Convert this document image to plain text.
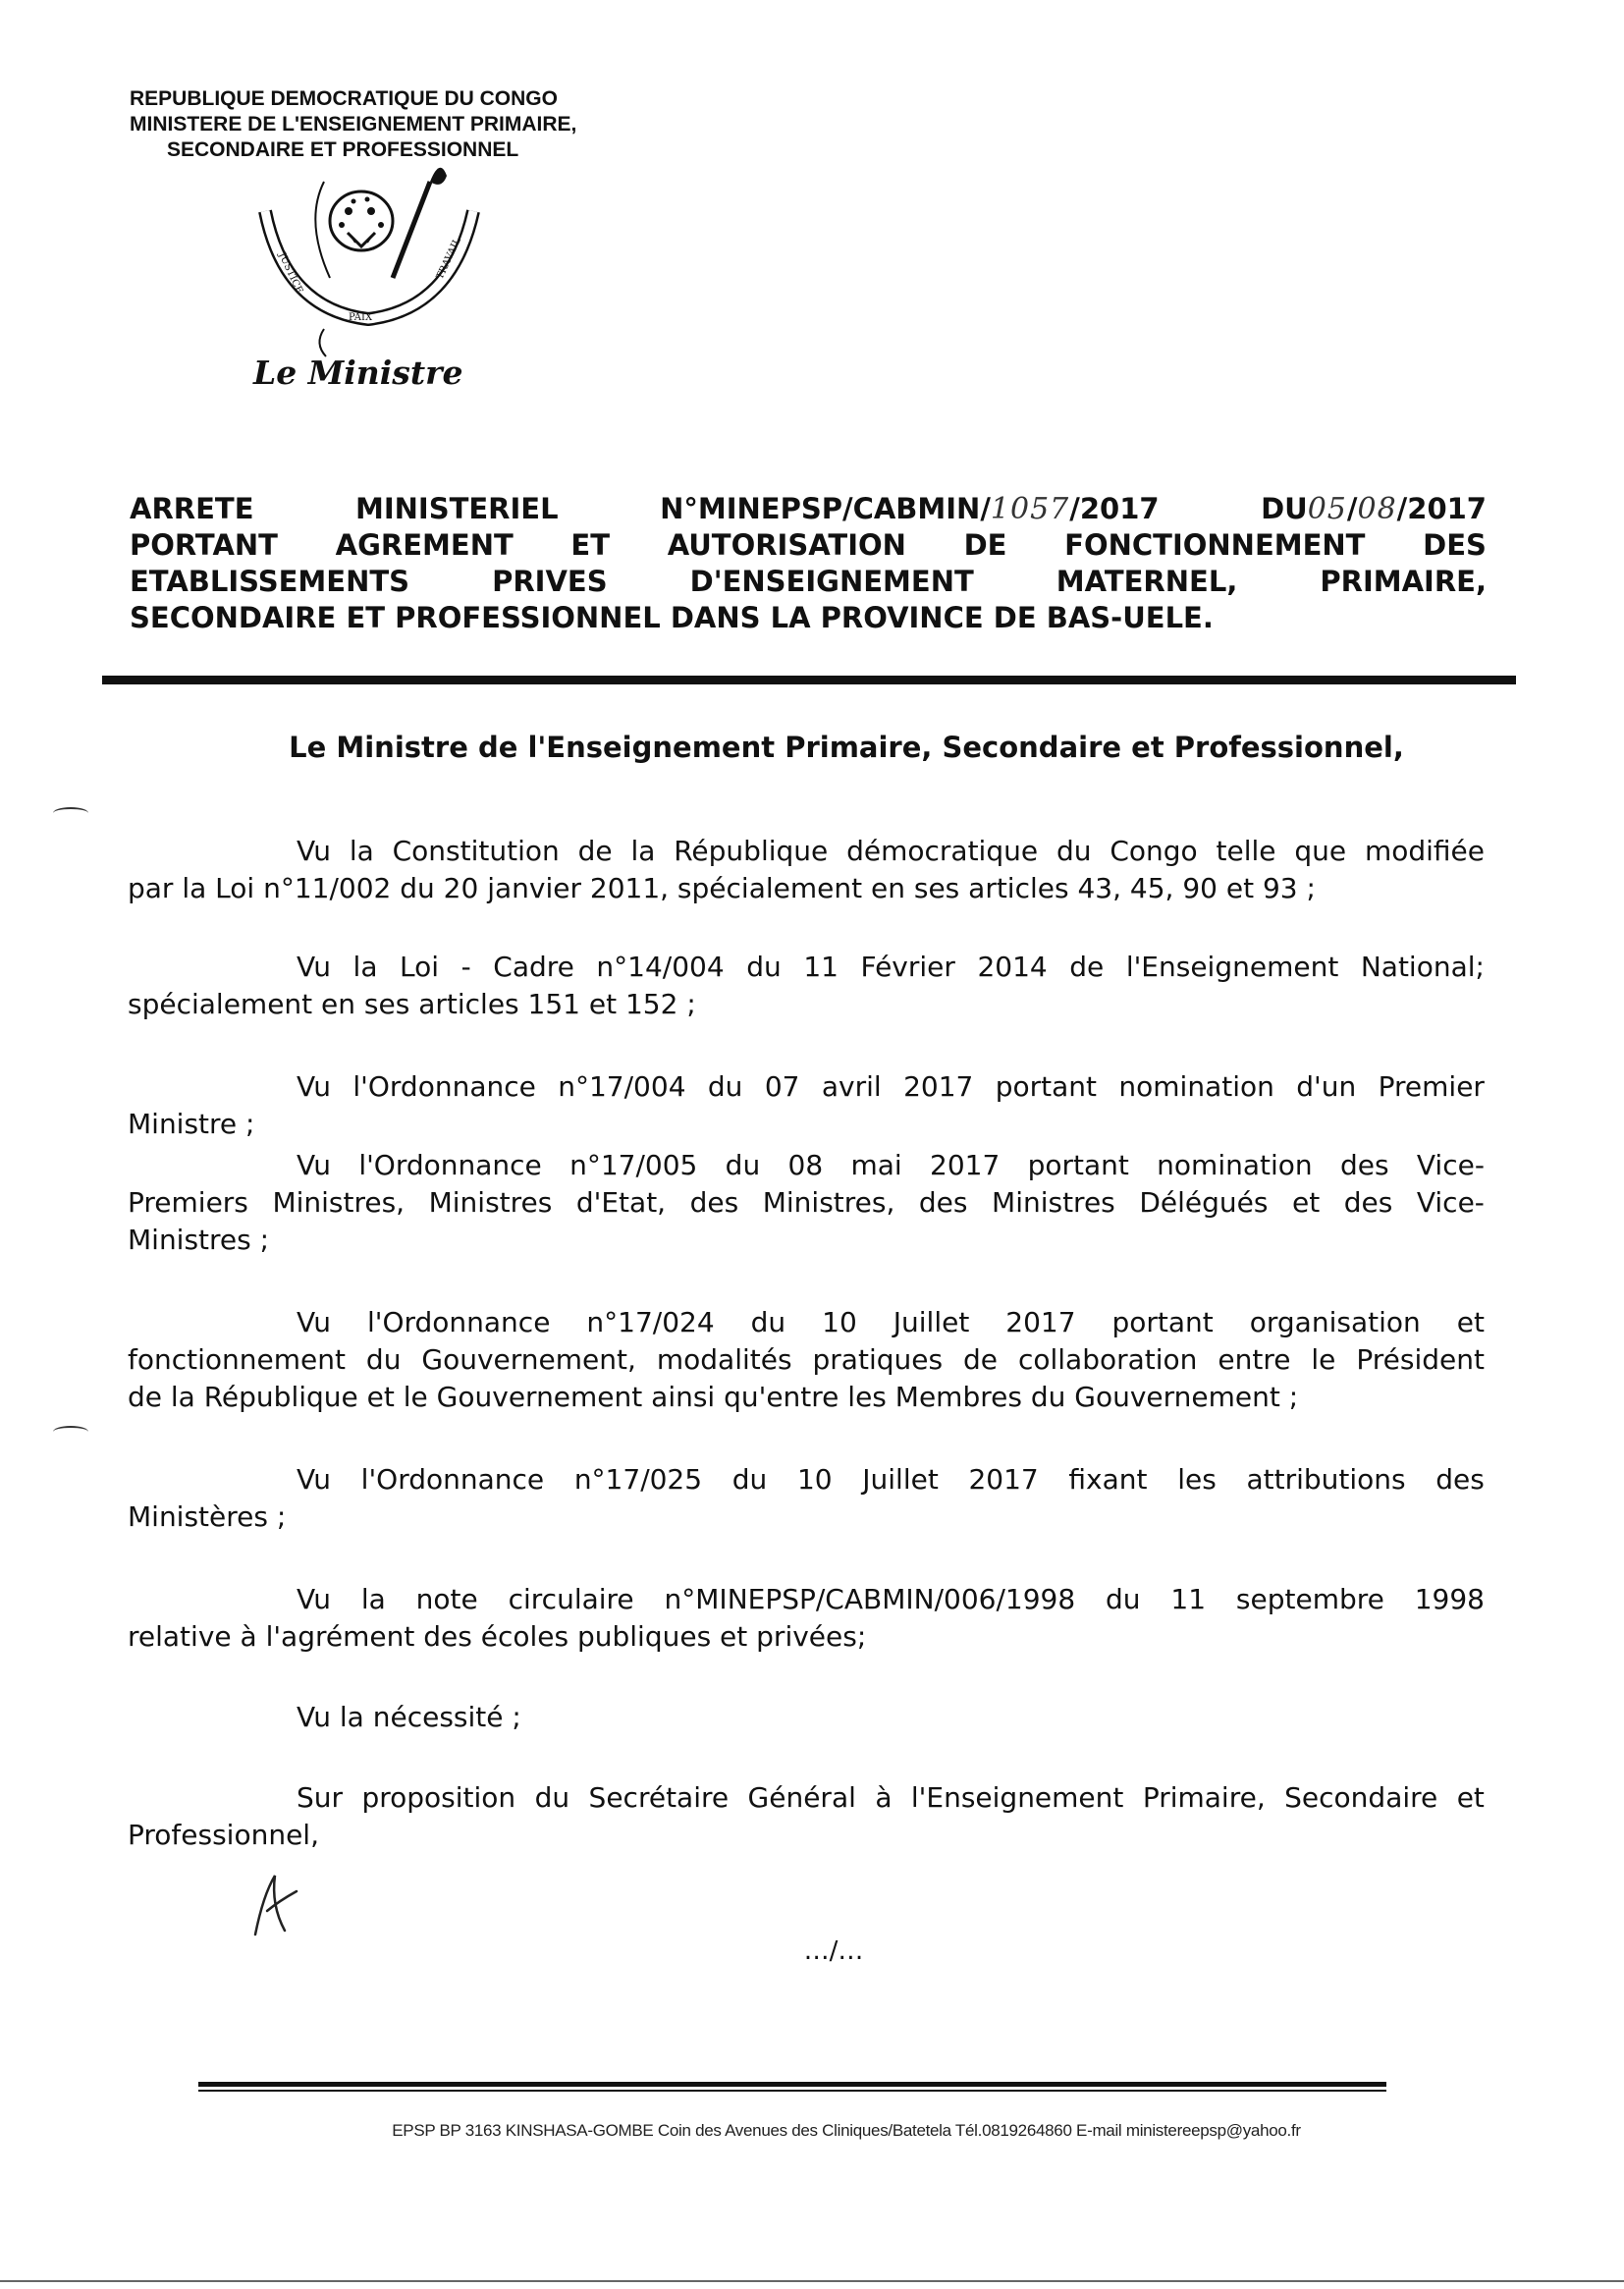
REPUBLIQUE DEMOCRATIQUE DU CONGO
MINISTERE DE L'ENSEIGNEMENT PRIMAIRE,
SECONDAIRE ET PROFESSIONNEL
JUSTICE
PAIX
TRAVAIL
Le Ministre
ARRETE	MINISTERIEL	N°MINEPSP/CABMIN/1057/2017	DU05/08/2017
PORTANT AGREMENT ET AUTORISATION DE FONCTIONNEMENT DES
ETABLISSEMENTS	PRIVES	D'ENSEIGNEMENT	MATERNEL,	PRIMAIRE,
SECONDAIRE ET PROFESSIONNEL DANS LA PROVINCE DE BAS-UELE.
Le Ministre de l'Enseignement Primaire, Secondaire et Professionnel,
Vu la Constitution de la République démocratique du Congo telle que modifiée
par la Loi n°11/002 du 20 janvier 2011, spécialement en ses articles 43, 45, 90 et 93 ;
Vu la Loi - Cadre n°14/004 du 11 Février 2014 de l'Enseignement National;
spécialement en ses articles 151 et 152 ;
Vu l'Ordonnance n°17/004 du 07 avril 2017 portant nomination d'un Premier
Ministre ;
Vu l'Ordonnance n°17/005 du 08 mai 2017 portant nomination des Vice-
Premiers Ministres, Ministres d'Etat, des Ministres, des Ministres Délégués et des Vice-
Ministres ;
Vu l'Ordonnance n°17/024 du 10 Juillet 2017 portant organisation et
fonctionnement du Gouvernement, modalités pratiques de collaboration entre le Président
de la République et le Gouvernement ainsi qu'entre les Membres du Gouvernement ;
Vu l'Ordonnance n°17/025 du 10 Juillet 2017 fixant les attributions des
Ministères ;
Vu la note circulaire n°MINEPSP/CABMIN/006/1998 du 11 septembre 1998
relative à l'agrément des écoles publiques et privées;
Vu la nécessité ;
Sur proposition du Secrétaire Général à l'Enseignement Primaire, Secondaire et
Professionnel,
…/…
EPSP BP 3163 KINSHASA-GOMBE Coin des Avenues des Cliniques/Batetela Tél.0819264860 E-mail ministereepsp@yahoo.fr
